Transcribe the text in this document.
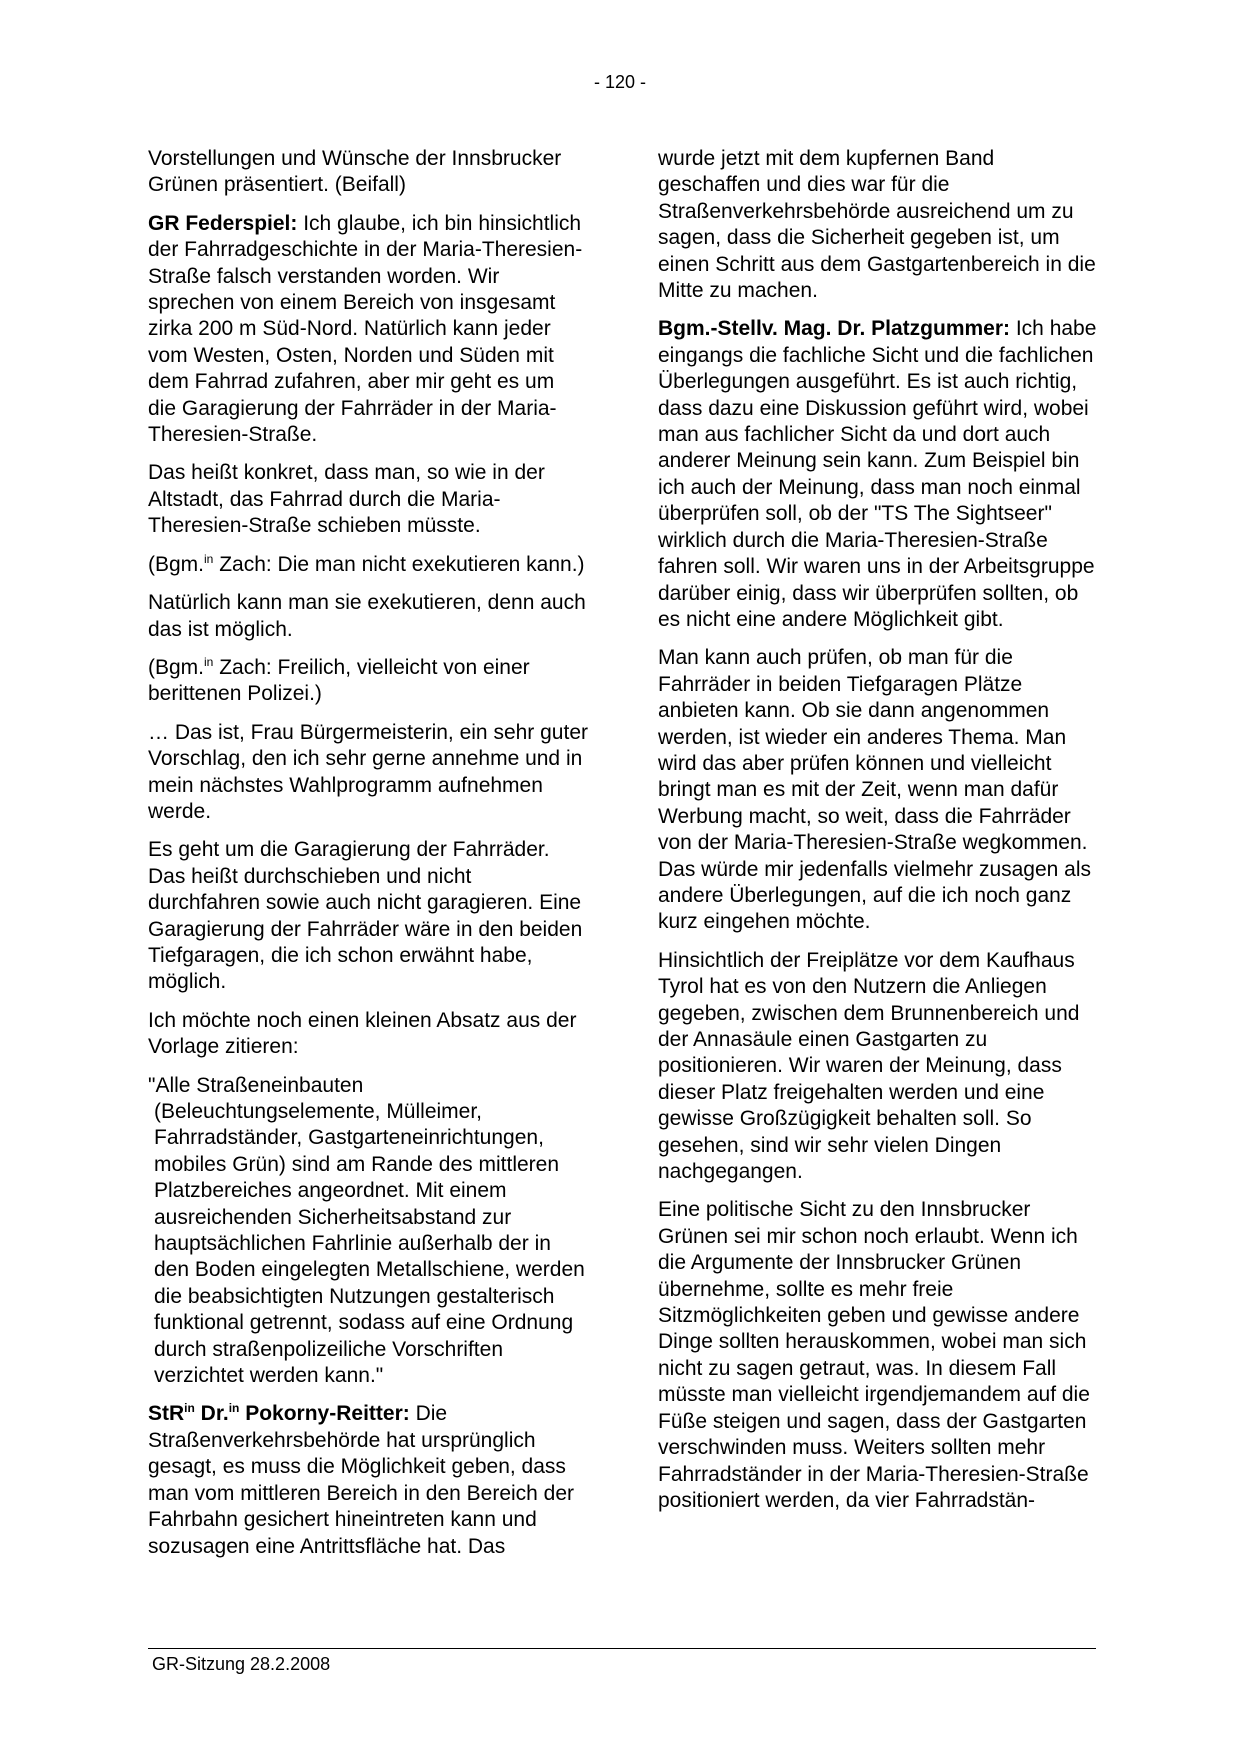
- 120 -

Vorstellungen und Wünsche der Innsbrucker Grünen präsentiert. (Beifall)

GR Federspiel: Ich glaube, ich bin hinsichtlich der Fahrradgeschichte in der Maria-Theresien-Straße falsch verstanden worden. Wir sprechen von einem Bereich von insgesamt zirka 200 m Süd-Nord. Natürlich kann jeder vom Westen, Osten, Norden und Süden mit dem Fahrrad zufahren, aber mir geht es um die Garagierung der Fahrräder in der Maria-Theresien-Straße.

Das heißt konkret, dass man, so wie in der Altstadt, das Fahrrad durch die Maria-Theresien-Straße schieben müsste.

(Bgm.$^{in}$ Zach: Die man nicht exekutieren kann.)

Natürlich kann man sie exekutieren, denn auch das ist möglich.

(Bgm.$^{in}$ Zach: Freilich, vielleicht von einer berittenen Polizei.)

… Das ist, Frau Bürgermeisterin, ein sehr guter Vorschlag, den ich sehr gerne annehme und in mein nächstes Wahlprogramm aufnehmen werde.

Es geht um die Garagierung der Fahrräder. Das heißt durchschieben und nicht durchfahren sowie auch nicht garagieren. Eine Garagierung der Fahrräder wäre in den beiden Tiefgaragen, die ich schon erwähnt habe, möglich.

Ich möchte noch einen kleinen Absatz aus der Vorlage zitieren:

"Alle Straßeneinbauten (Beleuchtungselemente, Mülleimer, Fahrradständer, Gastgarteneinrichtungen, mobiles Grün) sind am Rande des mittleren Platzbereiches angeordnet. Mit einem ausreichenden Sicherheitsabstand zur hauptsächlichen Fahrlinie außerhalb der in den Boden eingelegten Metallschiene, werden die beabsichtigten Nutzungen gestalterisch funktional getrennt, sodass auf eine Ordnung durch straßenpolizeiliche Vorschriften verzichtet werden kann."

StR$^{in}$ Dr.$^{in}$ Pokorny-Reitter: Die Straßenverkehrsbehörde hat ursprünglich gesagt, es muss die Möglichkeit geben, dass man vom mittleren Bereich in den Bereich der Fahrbahn gesichert hineintreten kann und sozusagen eine Antrittsfläche hat. Das

wurde jetzt mit dem kupfernen Band geschaffen und dies war für die Straßenverkehrsbehörde ausreichend um zu sagen, dass die Sicherheit gegeben ist, um einen Schritt aus dem Gastgartenbereich in die Mitte zu machen.

Bgm.-Stellv. Mag. Dr. Platzgummer: Ich habe eingangs die fachliche Sicht und die fachlichen Überlegungen ausgeführt. Es ist auch richtig, dass dazu eine Diskussion geführt wird, wobei man aus fachlicher Sicht da und dort auch anderer Meinung sein kann. Zum Beispiel bin ich auch der Meinung, dass man noch einmal überprüfen soll, ob der "TS The Sightseer" wirklich durch die Maria-Theresien-Straße fahren soll. Wir waren uns in der Arbeitsgruppe darüber einig, dass wir überprüfen sollten, ob es nicht eine andere Möglichkeit gibt.

Man kann auch prüfen, ob man für die Fahrräder in beiden Tiefgaragen Plätze anbieten kann. Ob sie dann angenommen werden, ist wieder ein anderes Thema. Man wird das aber prüfen können und vielleicht bringt man es mit der Zeit, wenn man dafür Werbung macht, so weit, dass die Fahrräder von der Maria-Theresien-Straße wegkommen. Das würde mir jedenfalls vielmehr zusagen als andere Überlegungen, auf die ich noch ganz kurz eingehen möchte.

Hinsichtlich der Freiplätze vor dem Kaufhaus Tyrol hat es von den Nutzern die Anliegen gegeben, zwischen dem Brunnenbereich und der Annasäule einen Gastgarten zu positionieren. Wir waren der Meinung, dass dieser Platz freigehalten werden und eine gewisse Großzügigkeit behalten soll. So gesehen, sind wir sehr vielen Dingen nachgegangen.

Eine politische Sicht zu den Innsbrucker Grünen sei mir schon noch erlaubt. Wenn ich die Argumente der Innsbrucker Grünen übernehme, sollte es mehr freie Sitzmöglichkeiten geben und gewisse andere Dinge sollten herauskommen, wobei man sich nicht zu sagen getraut, was. In diesem Fall müsste man vielleicht irgendjemandem auf die Füße steigen und sagen, dass der Gastgarten verschwinden muss. Weiters sollten mehr Fahrradständer in der Maria-Theresien-Straße positioniert werden, da vier Fahrradstän-

GR-Sitzung 28.2.2008
